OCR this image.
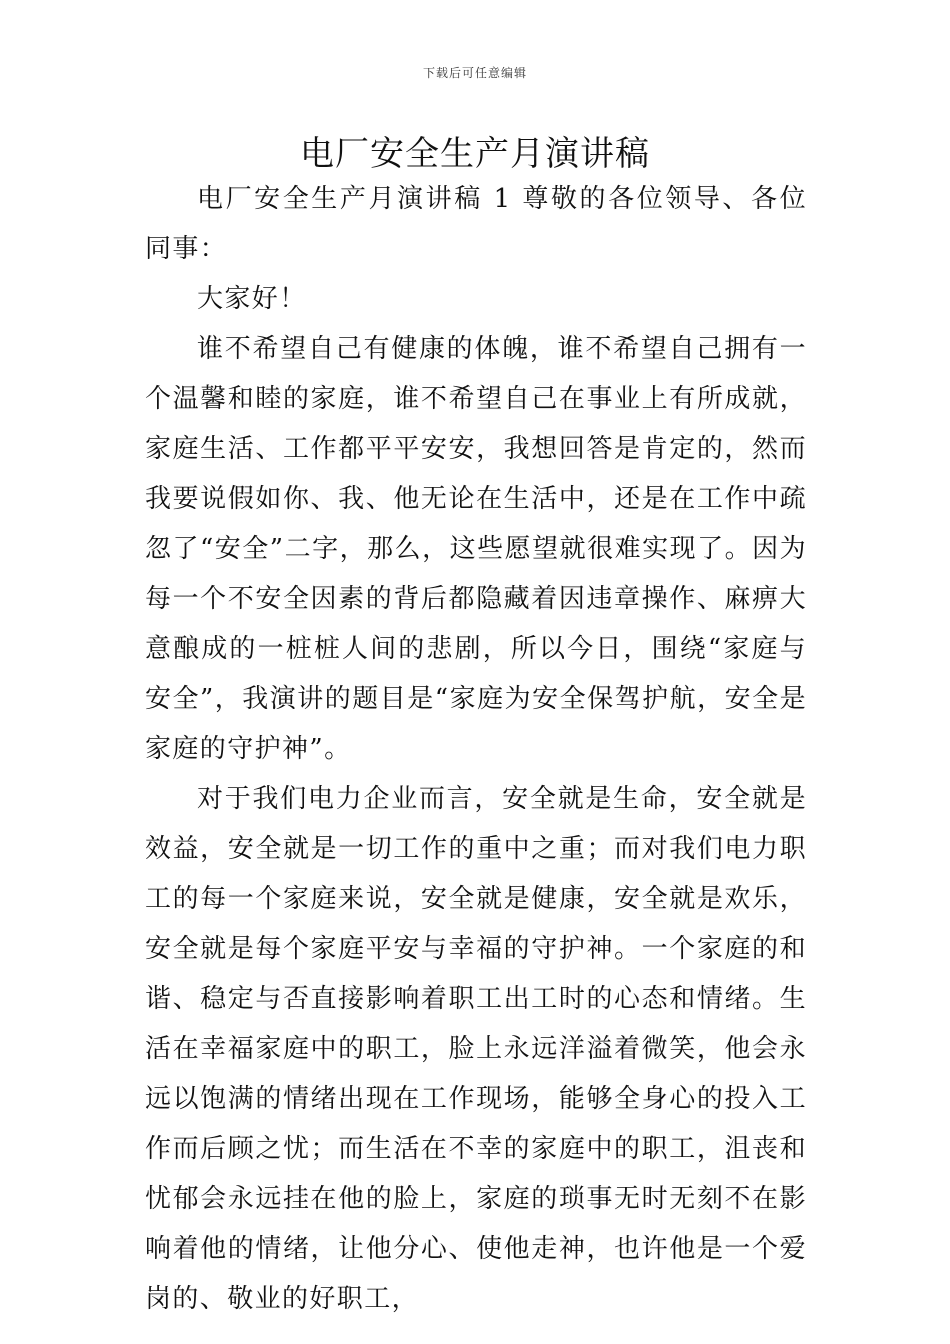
下载后可任意编辑
电厂安全生产月演讲稿

电厂安全生产月演讲稿 1 尊敬的各位领导、各位同事：

大家好！

谁不希望自己有健康的体魄，谁不希望自己拥有一个温馨和睦的家庭，谁不希望自己在事业上有所成就，家庭生活、工作都平平安安，我想回答是肯定的，然而我要说假如你、我、他无论在生活中，还是在工作中疏忽了“安全”二字，那么，这些愿望就很难实现了。因为每一个不安全因素的背后都隐藏着因违章操作、麻痹大意酿成的一桩桩人间的悲剧，所以今日，围绕“家庭与安全”，我演讲的题目是“家庭为安全保驾护航，安全是家庭的守护神”。

对于我们电力企业而言，安全就是生命，安全就是效益，安全就是一切工作的重中之重；而对我们电力职工的每一个家庭来说，安全就是健康，安全就是欢乐，安全就是每个家庭平安与幸福的守护神。一个家庭的和谐、稳定与否直接影响着职工出工时的心态和情绪。生活在幸福家庭中的职工，脸上永远洋溢着微笑，他会永远以饱满的情绪出现在工作现场，能够全身心的投入工作而后顾之忧；而生活在不幸的家庭中的职工，沮丧和忧郁会永远挂在他的脸上，家庭的琐事无时无刻不在影响着他的情绪，让他分心、使他走神，也许他是一个爱岗的、敬业的好职工，
